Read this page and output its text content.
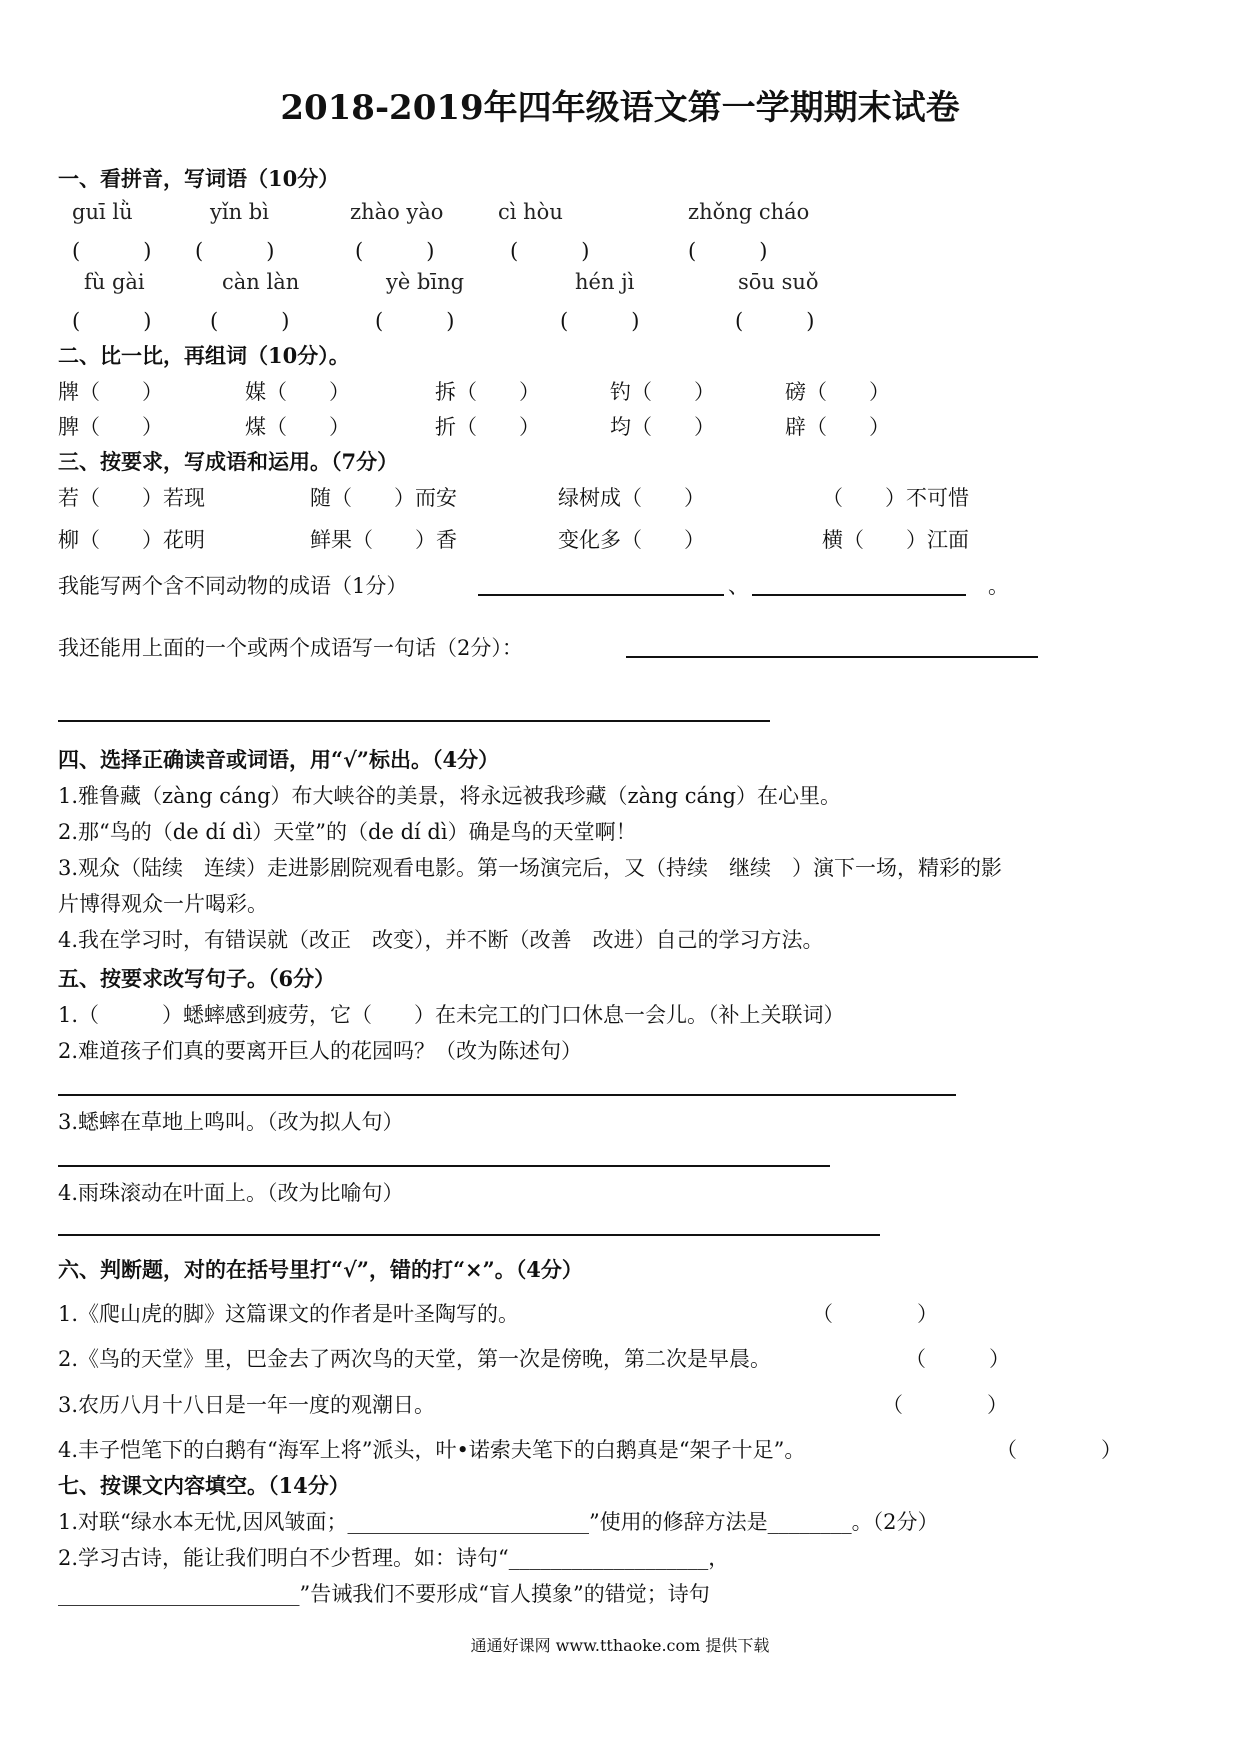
2018-2019年四年级语文第一学期期末试卷
一、看拼音，写词语（10分）
guī lǜ	yǐn bì	zhào yào	cì hòu	zhǒng cháo
(　　　) (　　　)	(　　　)	(　　　)	(　　　)
fù gài	càn làn	yè bīng	hén jì	sōu suǒ
(　　　)	(　　　)	(　　　)	(　　　)	(　　　)
二、比一比，再组词（10分）。
牌（　　）	媒（　　）	拆（　　）	钓（　　）	磅（　　）
脾（　　）	煤（　　）	折（　　）	均（　　）	辟（　　）
三、按要求，写成语和运用。（7分）
若（　　）若现	随（　　）而安	绿树成（　　）	（　　）不可惜
柳（　　）花明	鲜果（　　）香	变化多（　　）	横（　　）江面
我能写两个含不同动物的成语（1分）	、	。
我还能用上面的一个或两个成语写一句话（2分）：
四、选择正确读音或词语，用“√”标出。（4分）
1.雅鲁藏（zàng cáng）布大峡谷的美景，将永远被我珍藏（zàng cáng）在心里。
2.那“鸟的（de dí dì）天堂”的（de dí dì）确是鸟的天堂啊！
3.观众（陆续　连续）走进影剧院观看电影。第一场演完后，又（持续　继续　）演下一场，精彩的影
片博得观众一片喝彩。
4.我在学习时，有错误就（改正　改变），并不断（改善　改进）自己的学习方法。
五、按要求改写句子。（6分）
1.（　　　）蟋蟀感到疲劳，它（　　）在未完工的门口休息一会儿。（补上关联词）
2.难道孩子们真的要离开巨人的花园吗？（改为陈述句）
3.蟋蟀在草地上鸣叫。（改为拟人句）
4.雨珠滚动在叶面上。（改为比喻句）
六、判断题，对的在括号里打“√”，错的打“×”。（4分）
1.《爬山虎的脚》这篇课文的作者是叶圣陶写的。	（　　　　）
2.《鸟的天堂》里，巴金去了两次鸟的天堂，第一次是傍晚，第二次是早晨。	（　　　）
3.农历八月十八日是一年一度的观潮日。	（　　　　）
4.丰子恺笔下的白鹅有“海军上将”派头，叶•诺索夫笔下的白鹅真是“架子十足”。	（　　　　）
七、按课文内容填空。（14分）
1.对联“绿水本无忧,因风皱面；_______________________”使用的修辞方法是________。（2分）
2.学习古诗，能让我们明白不少哲理。如：诗句“___________________，
_______________________”告诫我们不要形成“盲人摸象”的错觉；诗句
通通好课网 www.tthaoke.com 提供下载
